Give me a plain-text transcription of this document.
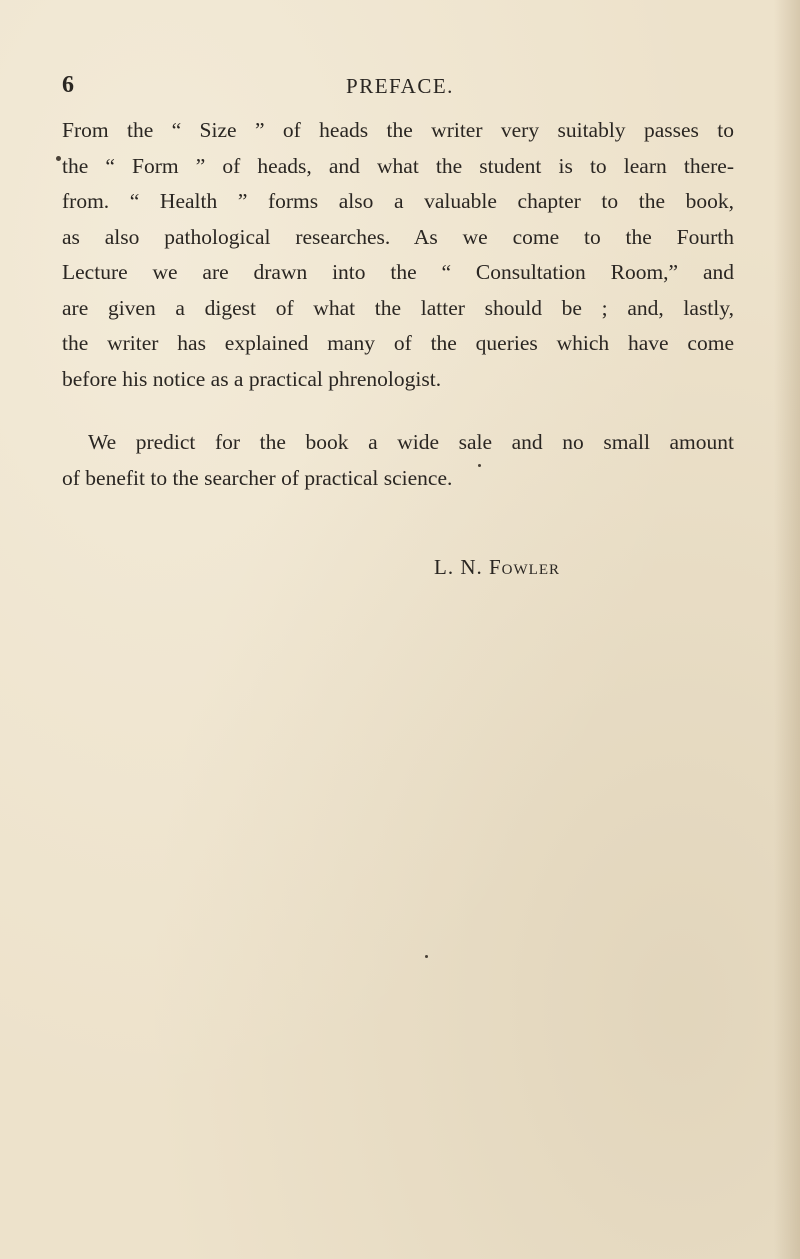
6	PREFACE.
From the “ Size ” of heads the writer very suitably passes to
the “ Form ” of heads, and what the student is to learn there-
from. “ Health ” forms also a valuable chapter to the book,
as also pathological researches. As we come to the Fourth
Lecture we are drawn into the “ Consultation Room,” and
are given a digest of what the latter should be ; and, lastly,
the writer has explained many of the queries which have come
before his notice as a practical phrenologist.
We predict for the book a wide sale and no small amount
of benefit to the searcher of practical science.
L. N. Fowler
